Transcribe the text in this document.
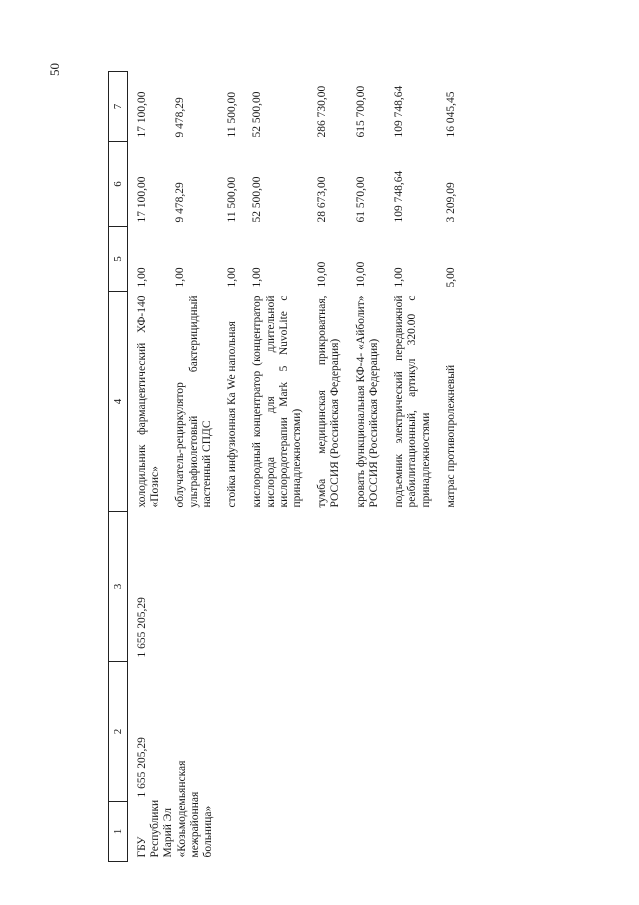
50
1	2	3	4	5	6	7
ГБУ Республики Марий Эл «Козьмодемьянская межрайонная больница»	1 655 205,29	1 655 205,29	холодильник фармацевтический ХФ-140 «Позис»	1,00	17 100,00	17 100,00
			облучатель-рециркулятор ультрафиолетовый бактерицидный настенный СПДС	1,00	9 478,29	9 478,29
			стойка инфузионная Ка We напольная	1,00	11 500,00	11 500,00
			кислородный концентратор (концентратор кислорода для длительной кислородотерапии Mark 5 NuvoLite с принадлежностями)	1,00	52 500,00	52 500,00
			тумба медицинская прикроватная, РОССИЯ (Российская Федерация)	10,00	28 673,00	286 730,00
			кровать функциональная КФ-4- «Айболит» РОССИЯ (Российская Федерация)	10,00	61 570,00	615 700,00
			подъемник электрический передвижной реабилитационный, артикул 320.00 с принадлежностями	1,00	109 748,64	109 748,64
			матрас противопролежневый	5,00	3 209,09	16 045,45
